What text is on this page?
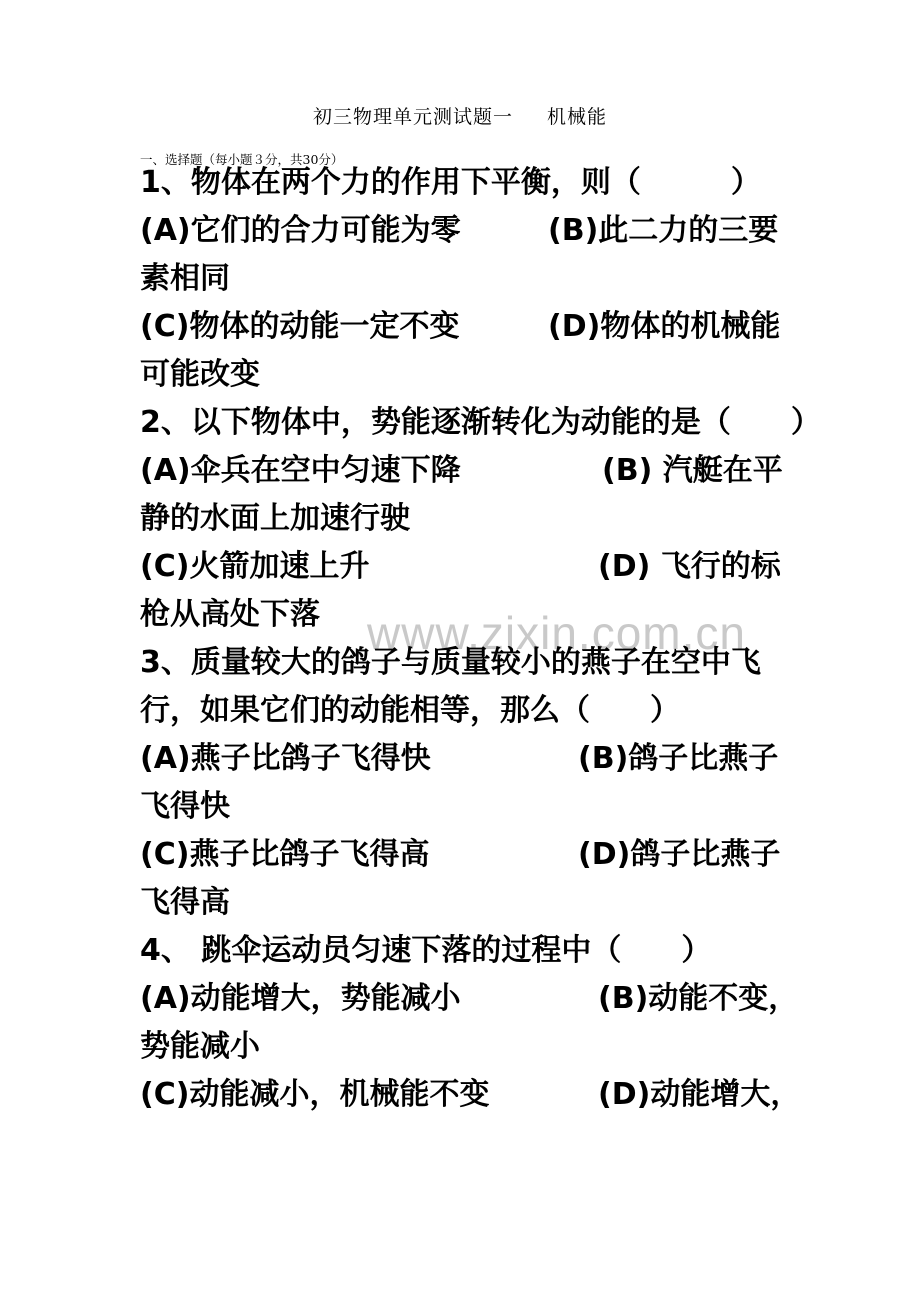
初三物理单元测试题一 机械能
一、选择题（每小题３分，共30分）
1、物体在两个力的作用下平衡，则（　　　）
(A)它们的合力可能为零	(B)此二力的三要
素相同
(C)物体的动能一定不变	(D)物体的机械能
可能改变
2、以下物体中，势能逐渐转化为动能的是（　　）
(A)伞兵在空中匀速下降	(B) 汽艇在平
静的水面上加速行驶
(C)火箭加速上升	(D) 飞行的标
枪从高处下落 www.zixin.com.cn
3、质量较大的鸽子与质量较小的燕子在空中飞
行，如果它们的动能相等，那么（　　）
(A)燕子比鸽子飞得快	(B)鸽子比燕子
飞得快
(C)燕子比鸽子飞得高	(D)鸽子比燕子
飞得高
4、 跳伞运动员匀速下落的过程中（　　）
(A)动能增大，势能减小	(B)动能不变，
势能减小
(C)动能减小，机械能不变	(D)动能增大，
